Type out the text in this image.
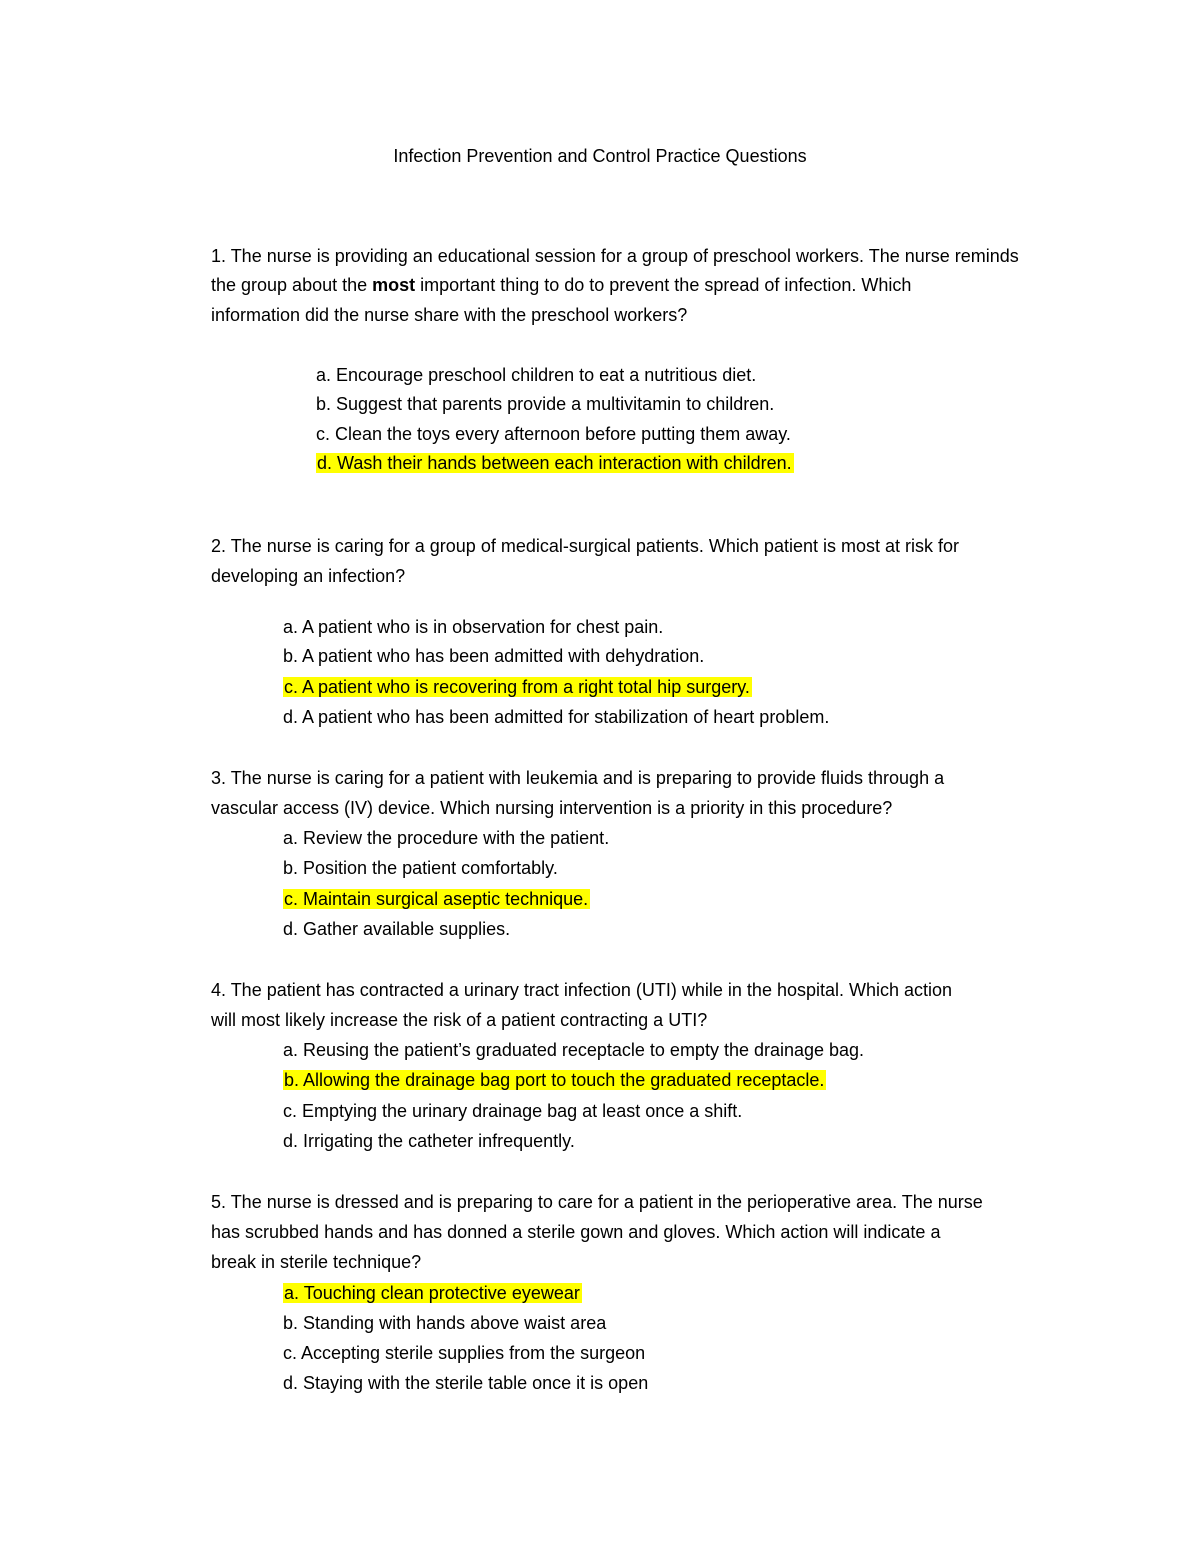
Infection Prevention and Control Practice Questions
1. The nurse is providing an educational session for a group of preschool workers. The nurse reminds
the group about the most important thing to do to prevent the spread of infection. Which
information did the nurse share with the preschool workers?
a. Encourage preschool children to eat a nutritious diet.
b. Suggest that parents provide a multivitamin to children.
c. Clean the toys every afternoon before putting them away.
d. Wash their hands between each interaction with children.
2. The nurse is caring for a group of medical-surgical patients. Which patient is most at risk for
developing an infection?
a. A patient who is in observation for chest pain.
b. A patient who has been admitted with dehydration.
c. A patient who is recovering from a right total hip surgery.
d. A patient who has been admitted for stabilization of heart problem.
3. The nurse is caring for a patient with leukemia and is preparing to provide fluids through a
vascular access (IV) device. Which nursing intervention is a priority in this procedure?
a. Review the procedure with the patient.
b. Position the patient comfortably.
c. Maintain surgical aseptic technique.
d. Gather available supplies.
4. The patient has contracted a urinary tract infection (UTI) while in the hospital. Which action
will most likely increase the risk of a patient contracting a UTI?
a. Reusing the patient’s graduated receptacle to empty the drainage bag.
b. Allowing the drainage bag port to touch the graduated receptacle.
c. Emptying the urinary drainage bag at least once a shift.
d. Irrigating the catheter infrequently.
5. The nurse is dressed and is preparing to care for a patient in the perioperative area. The nurse
has scrubbed hands and has donned a sterile gown and gloves. Which action will indicate a
break in sterile technique?
a. Touching clean protective eyewear
b. Standing with hands above waist area
c. Accepting sterile supplies from the surgeon
d. Staying with the sterile table once it is open
